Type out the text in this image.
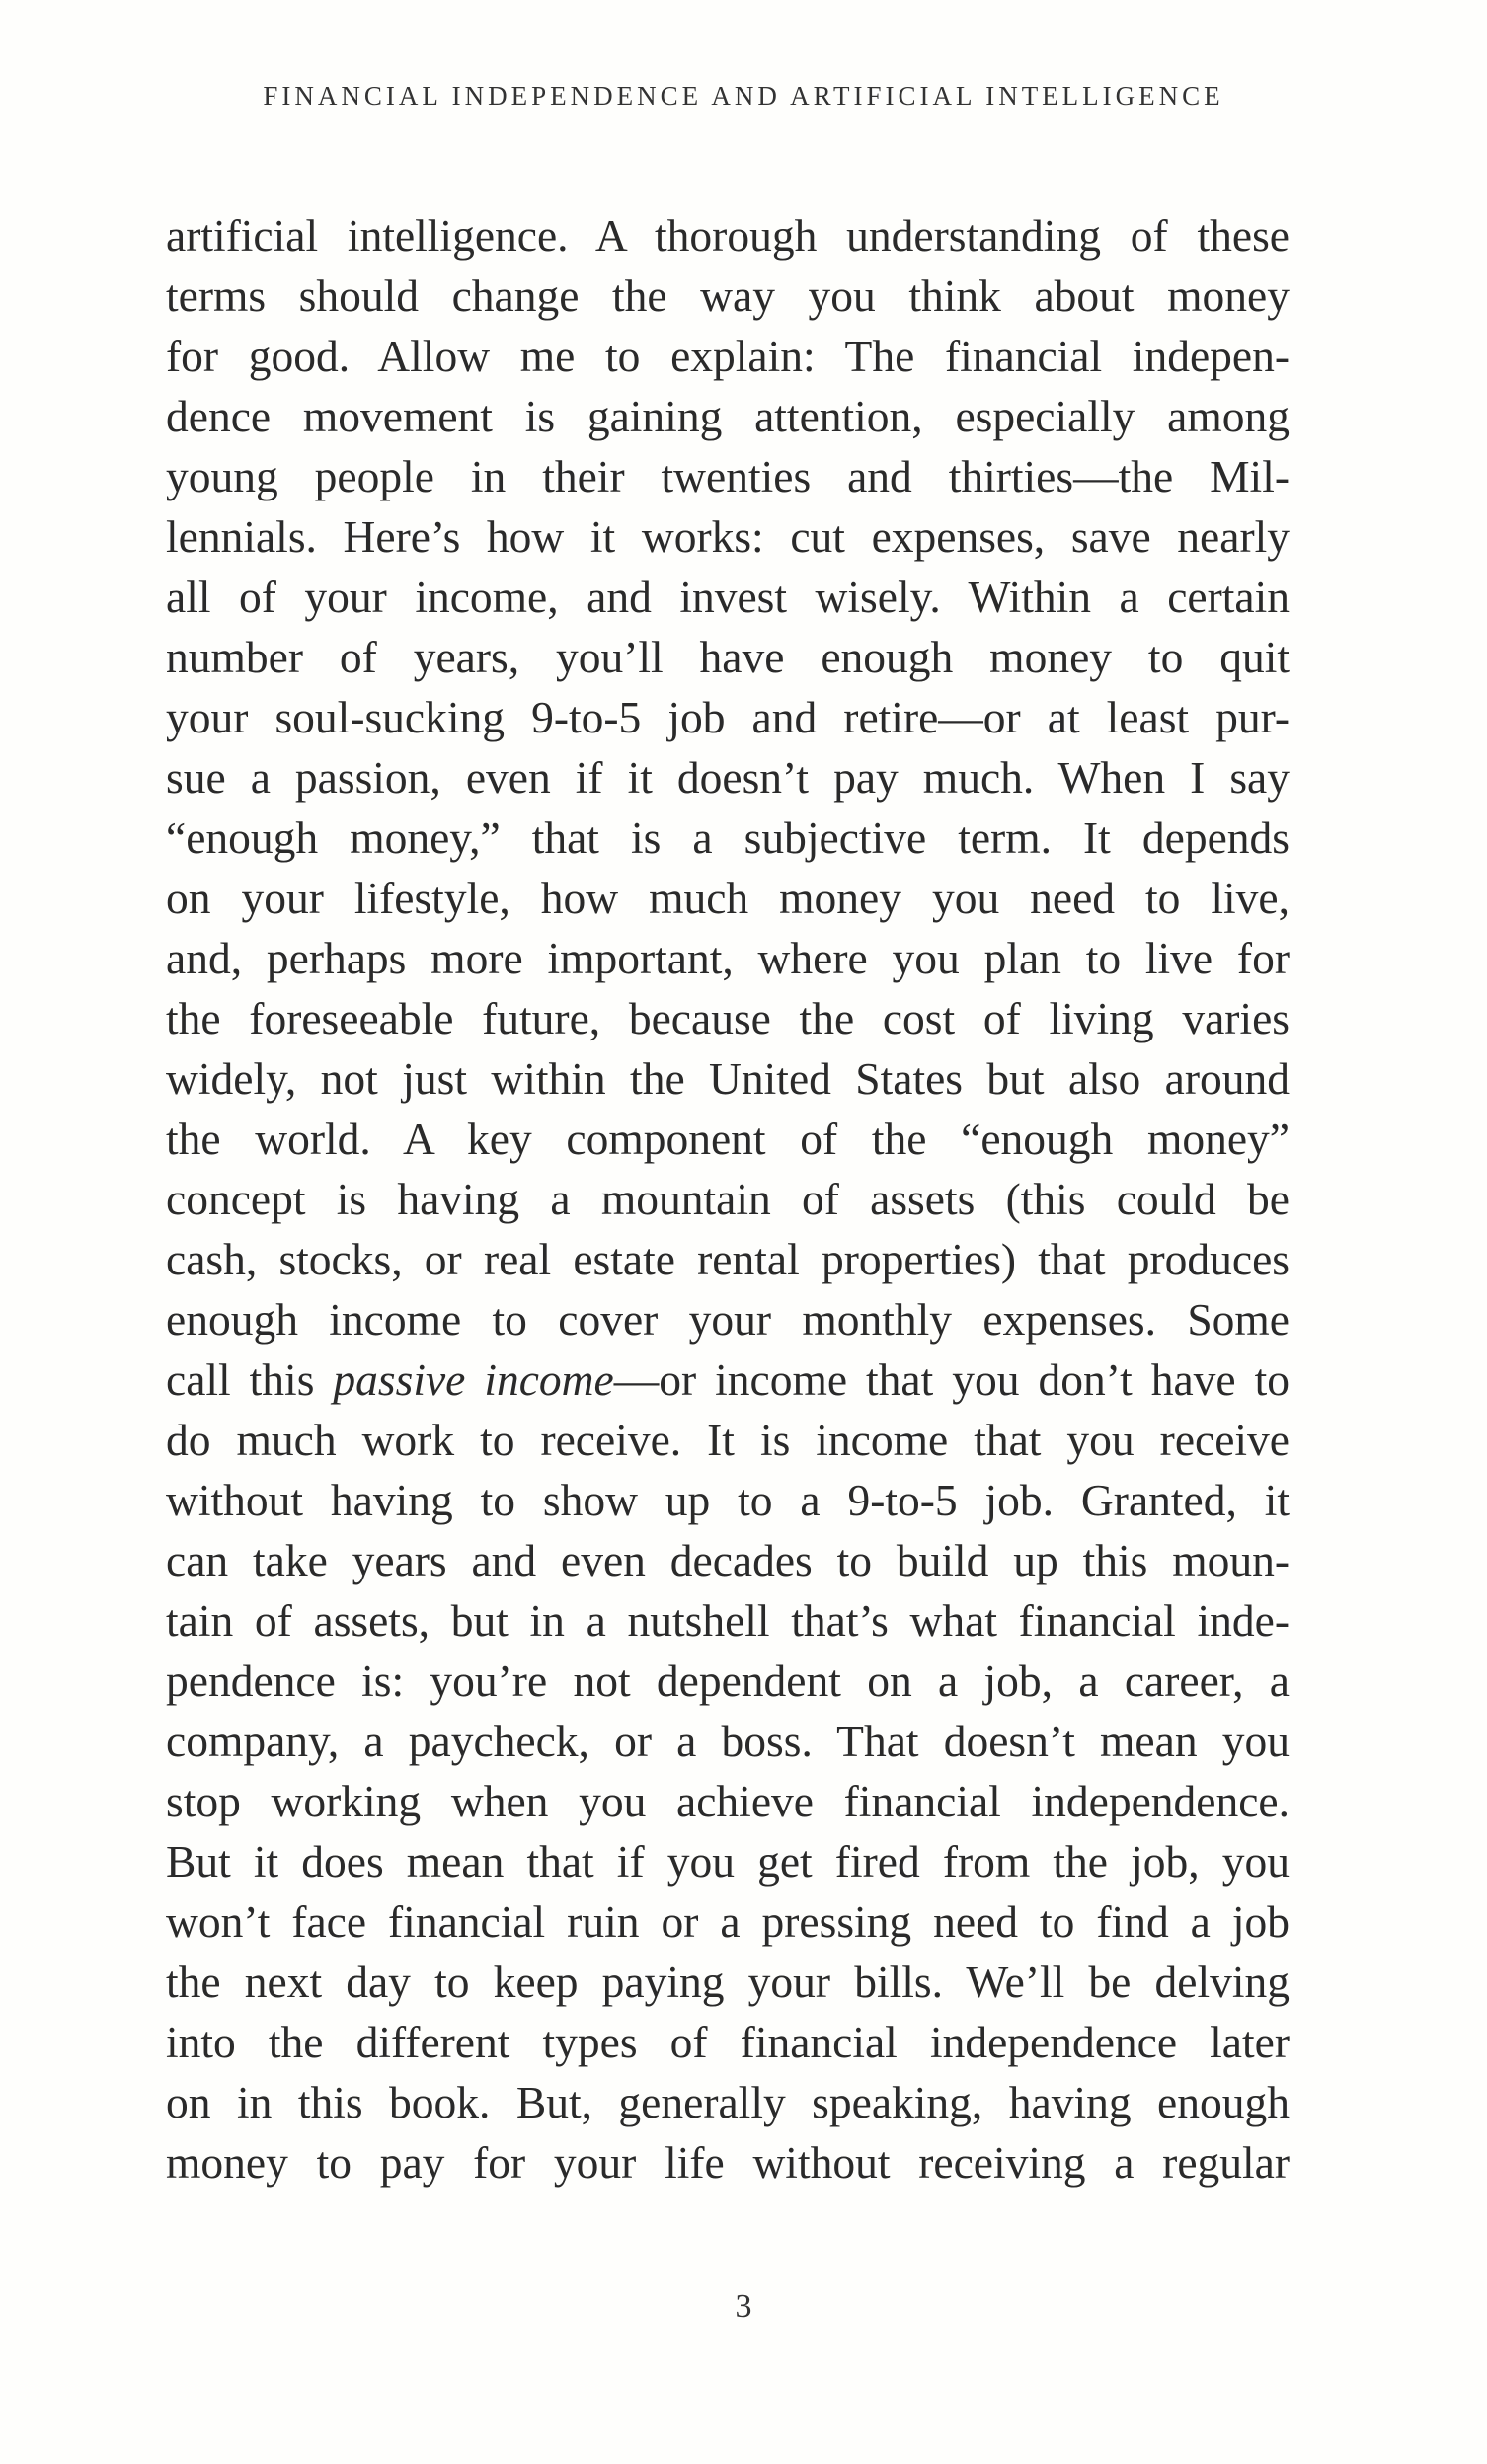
FINANCIAL INDEPENDENCE AND ARTIFICIAL INTELLIGENCE
artificial intelligence. A thorough understanding of these
terms should change the way you think about money
for good. Allow me to explain: The financial indepen-
dence movement is gaining attention, especially among
young people in their twenties and thirties—the Mil-
lennials. Here’s how it works: cut expenses, save nearly
all of your income, and invest wisely. Within a certain
number of years, you’ll have enough money to quit
your soul-sucking 9-to-5 job and retire—or at least pur-
sue a passion, even if it doesn’t pay much. When I say
“enough money,” that is a subjective term. It depends
on your lifestyle, how much money you need to live,
and, perhaps more important, where you plan to live for
the foreseeable future, because the cost of living varies
widely, not just within the United States but also around
the world. A key component of the “enough money”
concept is having a mountain of assets (this could be
cash, stocks, or real estate rental properties) that produces
enough income to cover your monthly expenses. Some
call this passive income—or income that you don’t have to
do much work to receive. It is income that you receive
without having to show up to a 9-to-5 job. Granted, it
can take years and even decades to build up this moun-
tain of assets, but in a nutshell that’s what financial inde-
pendence is: you’re not dependent on a job, a career, a
company, a paycheck, or a boss. That doesn’t mean you
stop working when you achieve financial independence.
But it does mean that if you get fired from the job, you
won’t face financial ruin or a pressing need to find a job
the next day to keep paying your bills. We’ll be delving
into the different types of financial independence later
on in this book. But, generally speaking, having enough
money to pay for your life without receiving a regular
3
